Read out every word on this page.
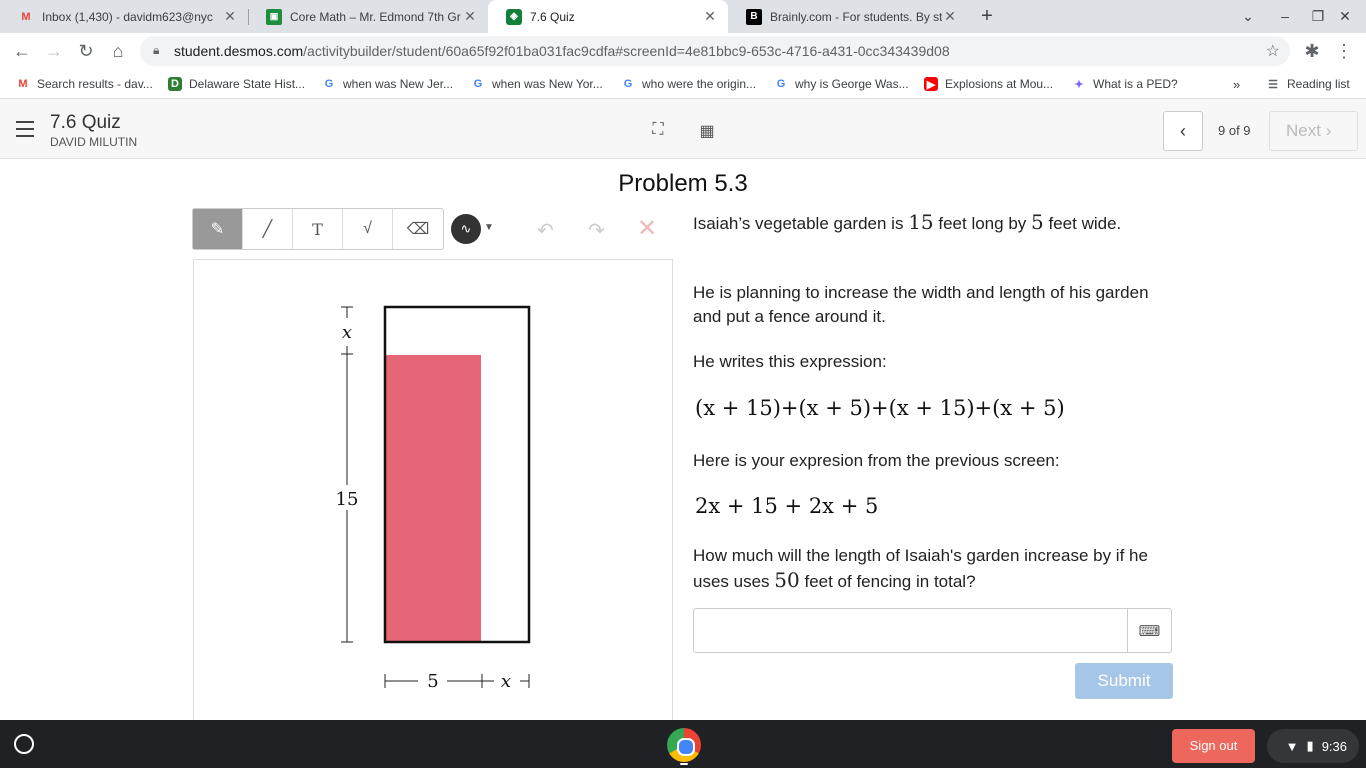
M Inbox (1,430) - davidm623@nyc ✕	▣ Core Math – Mr. Edmond 7th Gr ✕	◈	7.6 Quiz	✕	B	Brainly.com - For students. By st ✕ +	⌄	–	❐	✕
← → ↻	⌂	🔒︎ student.desmos.com/activitybuilder/student/60a65f92f01ba031fac9cdfa#screenId=4e81bbc9-653c-4716-a431-0cc343439d08	☆ ✱ ⋮
M Search results - dav... D Delaware State Hist... G when was New Jer... G when was New Yor... G who were the origin... G why is George Was... ▶ Explosions at Mou... ✦ What is a PED?	»	☰ Reading list
7.6 Quiz
DAVID MILUTIN
⛶ ▦	‹	9 of 9	Next ›
Problem 5.3
✎ ╱ T	√ ⌫	∿	▼ ↶ ↷ ✕
x
15
5	x
Isaiah’s vegetable garden is 15 feet long by 5 feet wide.
He is planning to increase the width and length of his garden and put a fence around it.
He writes this expression:
(x + 15)+(x + 5)+(x + 15)+(x + 5)
Here is your expresion from the previous screen:
2x + 15 + 2x + 5
How much will the length of Isaiah's garden increase by if he uses uses 50 feet of fencing in total?
⌨
Submit
Sign out	▼ ▮ 9:36
